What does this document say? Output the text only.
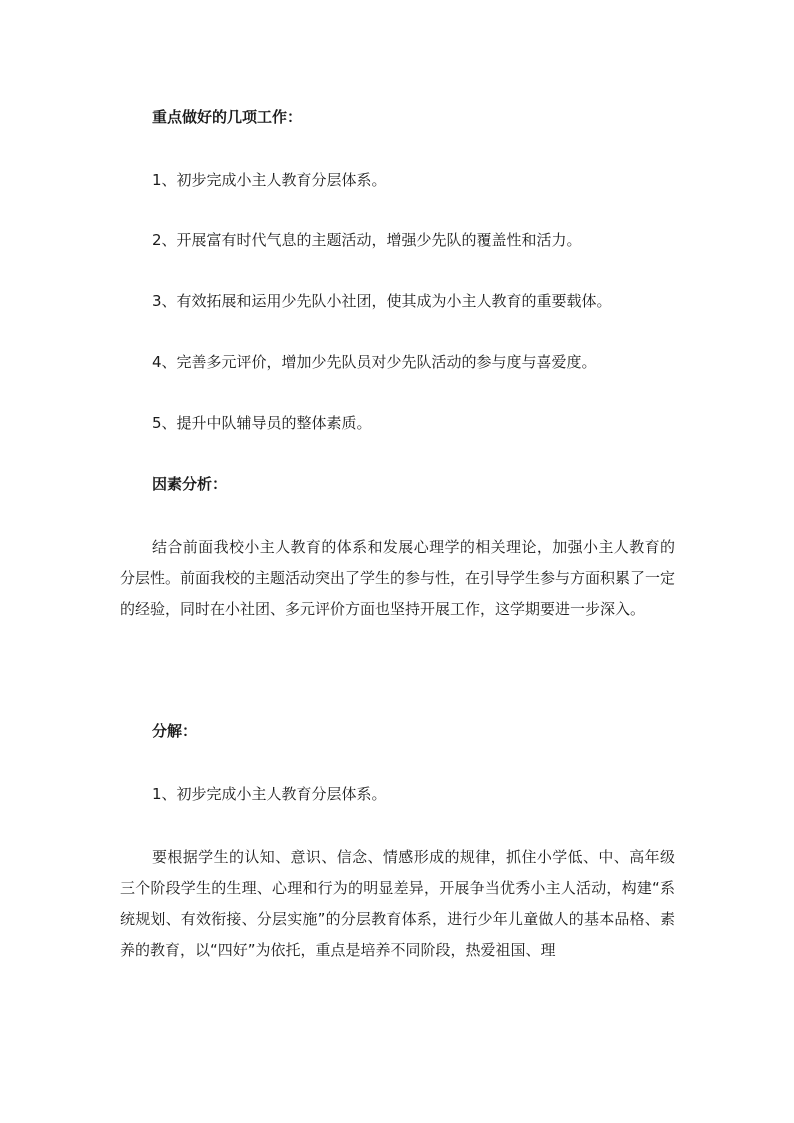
重点做好的几项工作：
1、初步完成小主人教育分层体系。
2、开展富有时代气息的主题活动，增强少先队的覆盖性和活力。
3、有效拓展和运用少先队小社团，使其成为小主人教育的重要载体。
4、完善多元评价，增加少先队员对少先队活动的参与度与喜爱度。
5、提升中队辅导员的整体素质。
因素分析：
结合前面我校小主人教育的体系和发展心理学的相关理论，加强小主人教育的分层性。前面我校的主题活动突出了学生的参与性，在引导学生参与方面积累了一定的经验，同时在小社团、多元评价方面也坚持开展工作，这学期要进一步深入。
分解：
1、初步完成小主人教育分层体系。
要根据学生的认知、意识、信念、情感形成的规律，抓住小学低、中、高年级三个阶段学生的生理、心理和行为的明显差异，开展争当优秀小主人活动，构建“系统规划、有效衔接、分层实施”的分层教育体系，进行少年儿童做人的基本品格、素养的教育，以“四好”为依托，重点是培养不同阶段，热爱祖国、理
